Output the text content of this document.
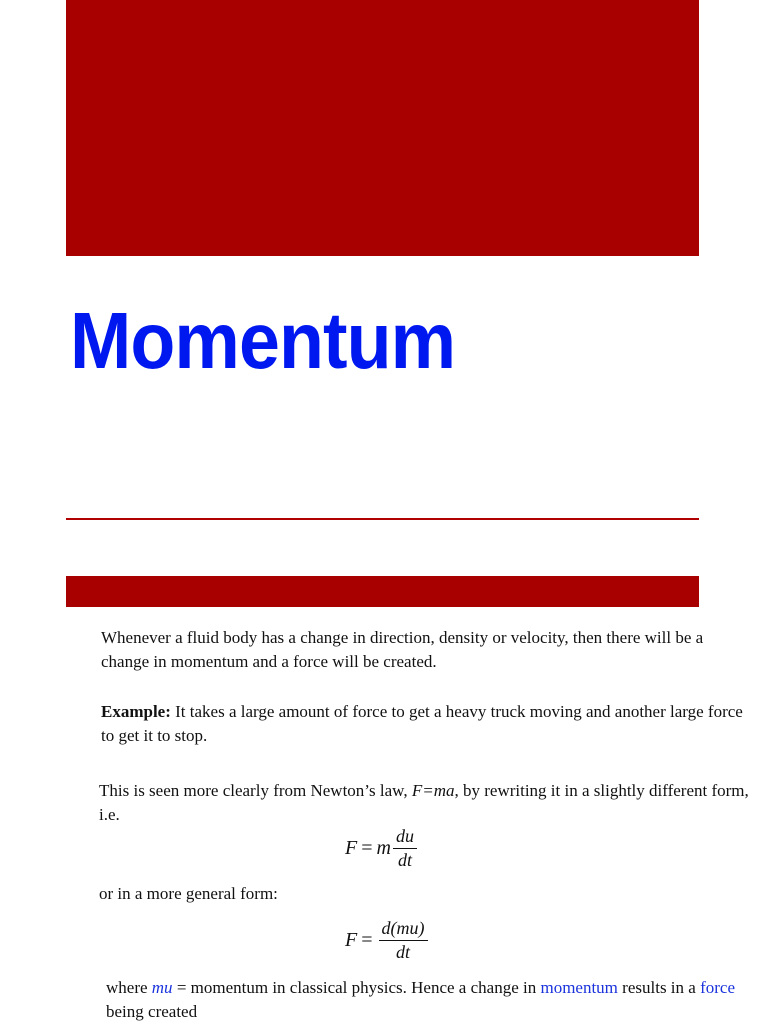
Momentum

Whenever a fluid body has a change in direction, density or velocity, then there will be a change in momentum and a force will be created.

Example: It takes a large amount of force to get a heavy truck moving and another large force to get it to stop.

This is seen more clearly from Newton’s law, F=ma, by rewriting it in a slightly different form, i.e.

F = m $\frac{du}{dt}$

or in a more general form:

$F = \frac{d(mu)}{dt}$

where mu = momentum in classical physics. Hence a change in momentum results in a force being created
